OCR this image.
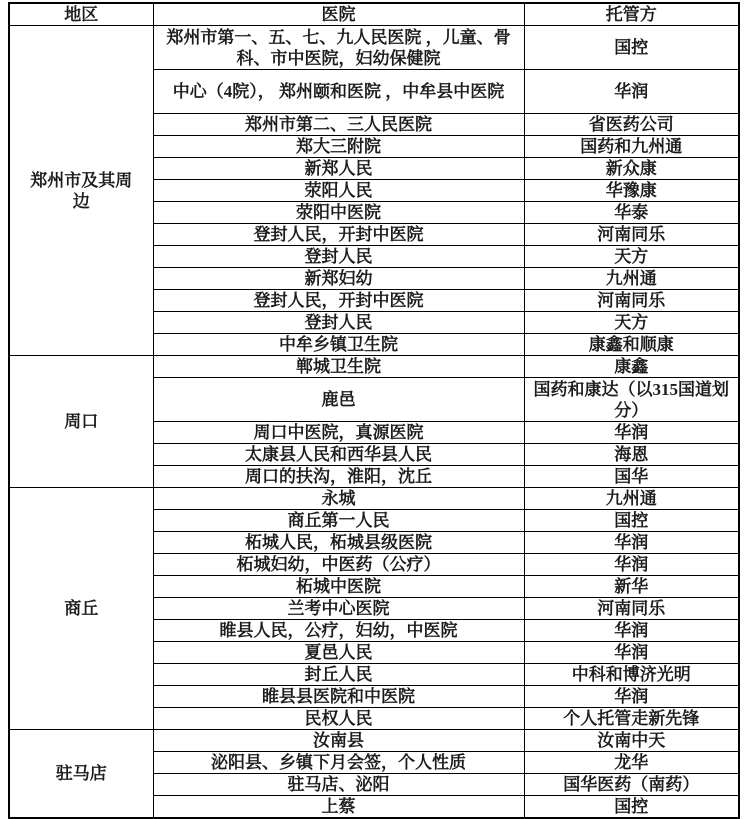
地区	医院	托管方
郑州市及其周边	郑州市第一、五、七、九人民医院 ，儿童、骨科、市中医院，妇幼保健院	国控
	中心（4院）， 郑州颐和医院 ，中牟县中医院	华润
	郑州市第二、三人民医院	省医药公司
	郑大三附院	国药和九州通
	新郑人民	新众康
	荥阳人民	华豫康
	荥阳中医院	华泰
	登封人民，开封中医院	河南同乐
	登封人民	天方
	新郑妇幼	九州通
	登封人民，开封中医院	河南同乐
	登封人民	天方
	中牟乡镇卫生院	康鑫和顺康
周口	郸城卫生院	康鑫
	鹿邑	国药和康达（以315国道划分）
	周口中医院，真源医院	华润
	太康县人民和西华县人民	海恩
	周口的扶沟，淮阳，沈丘	国华
商丘	永城	九州通
	商丘第一人民	国控
	柘城人民，柘城县级医院	华润
	柘城妇幼，中医药（公疗）	华润
	柘城中医院	新华
	兰考中心医院	河南同乐
	睢县人民，公疗，妇幼，中医院	华润
	夏邑人民	华润
	封丘人民	中科和博济光明
	睢县县医院和中医院	华润
	民权人民	个人托管走新先锋
驻马店	汝南县	汝南中天
	泌阳县、乡镇下月会签，个人性质	龙华
	驻马店、泌阳	国华医药（南药）
	上蔡	国控
